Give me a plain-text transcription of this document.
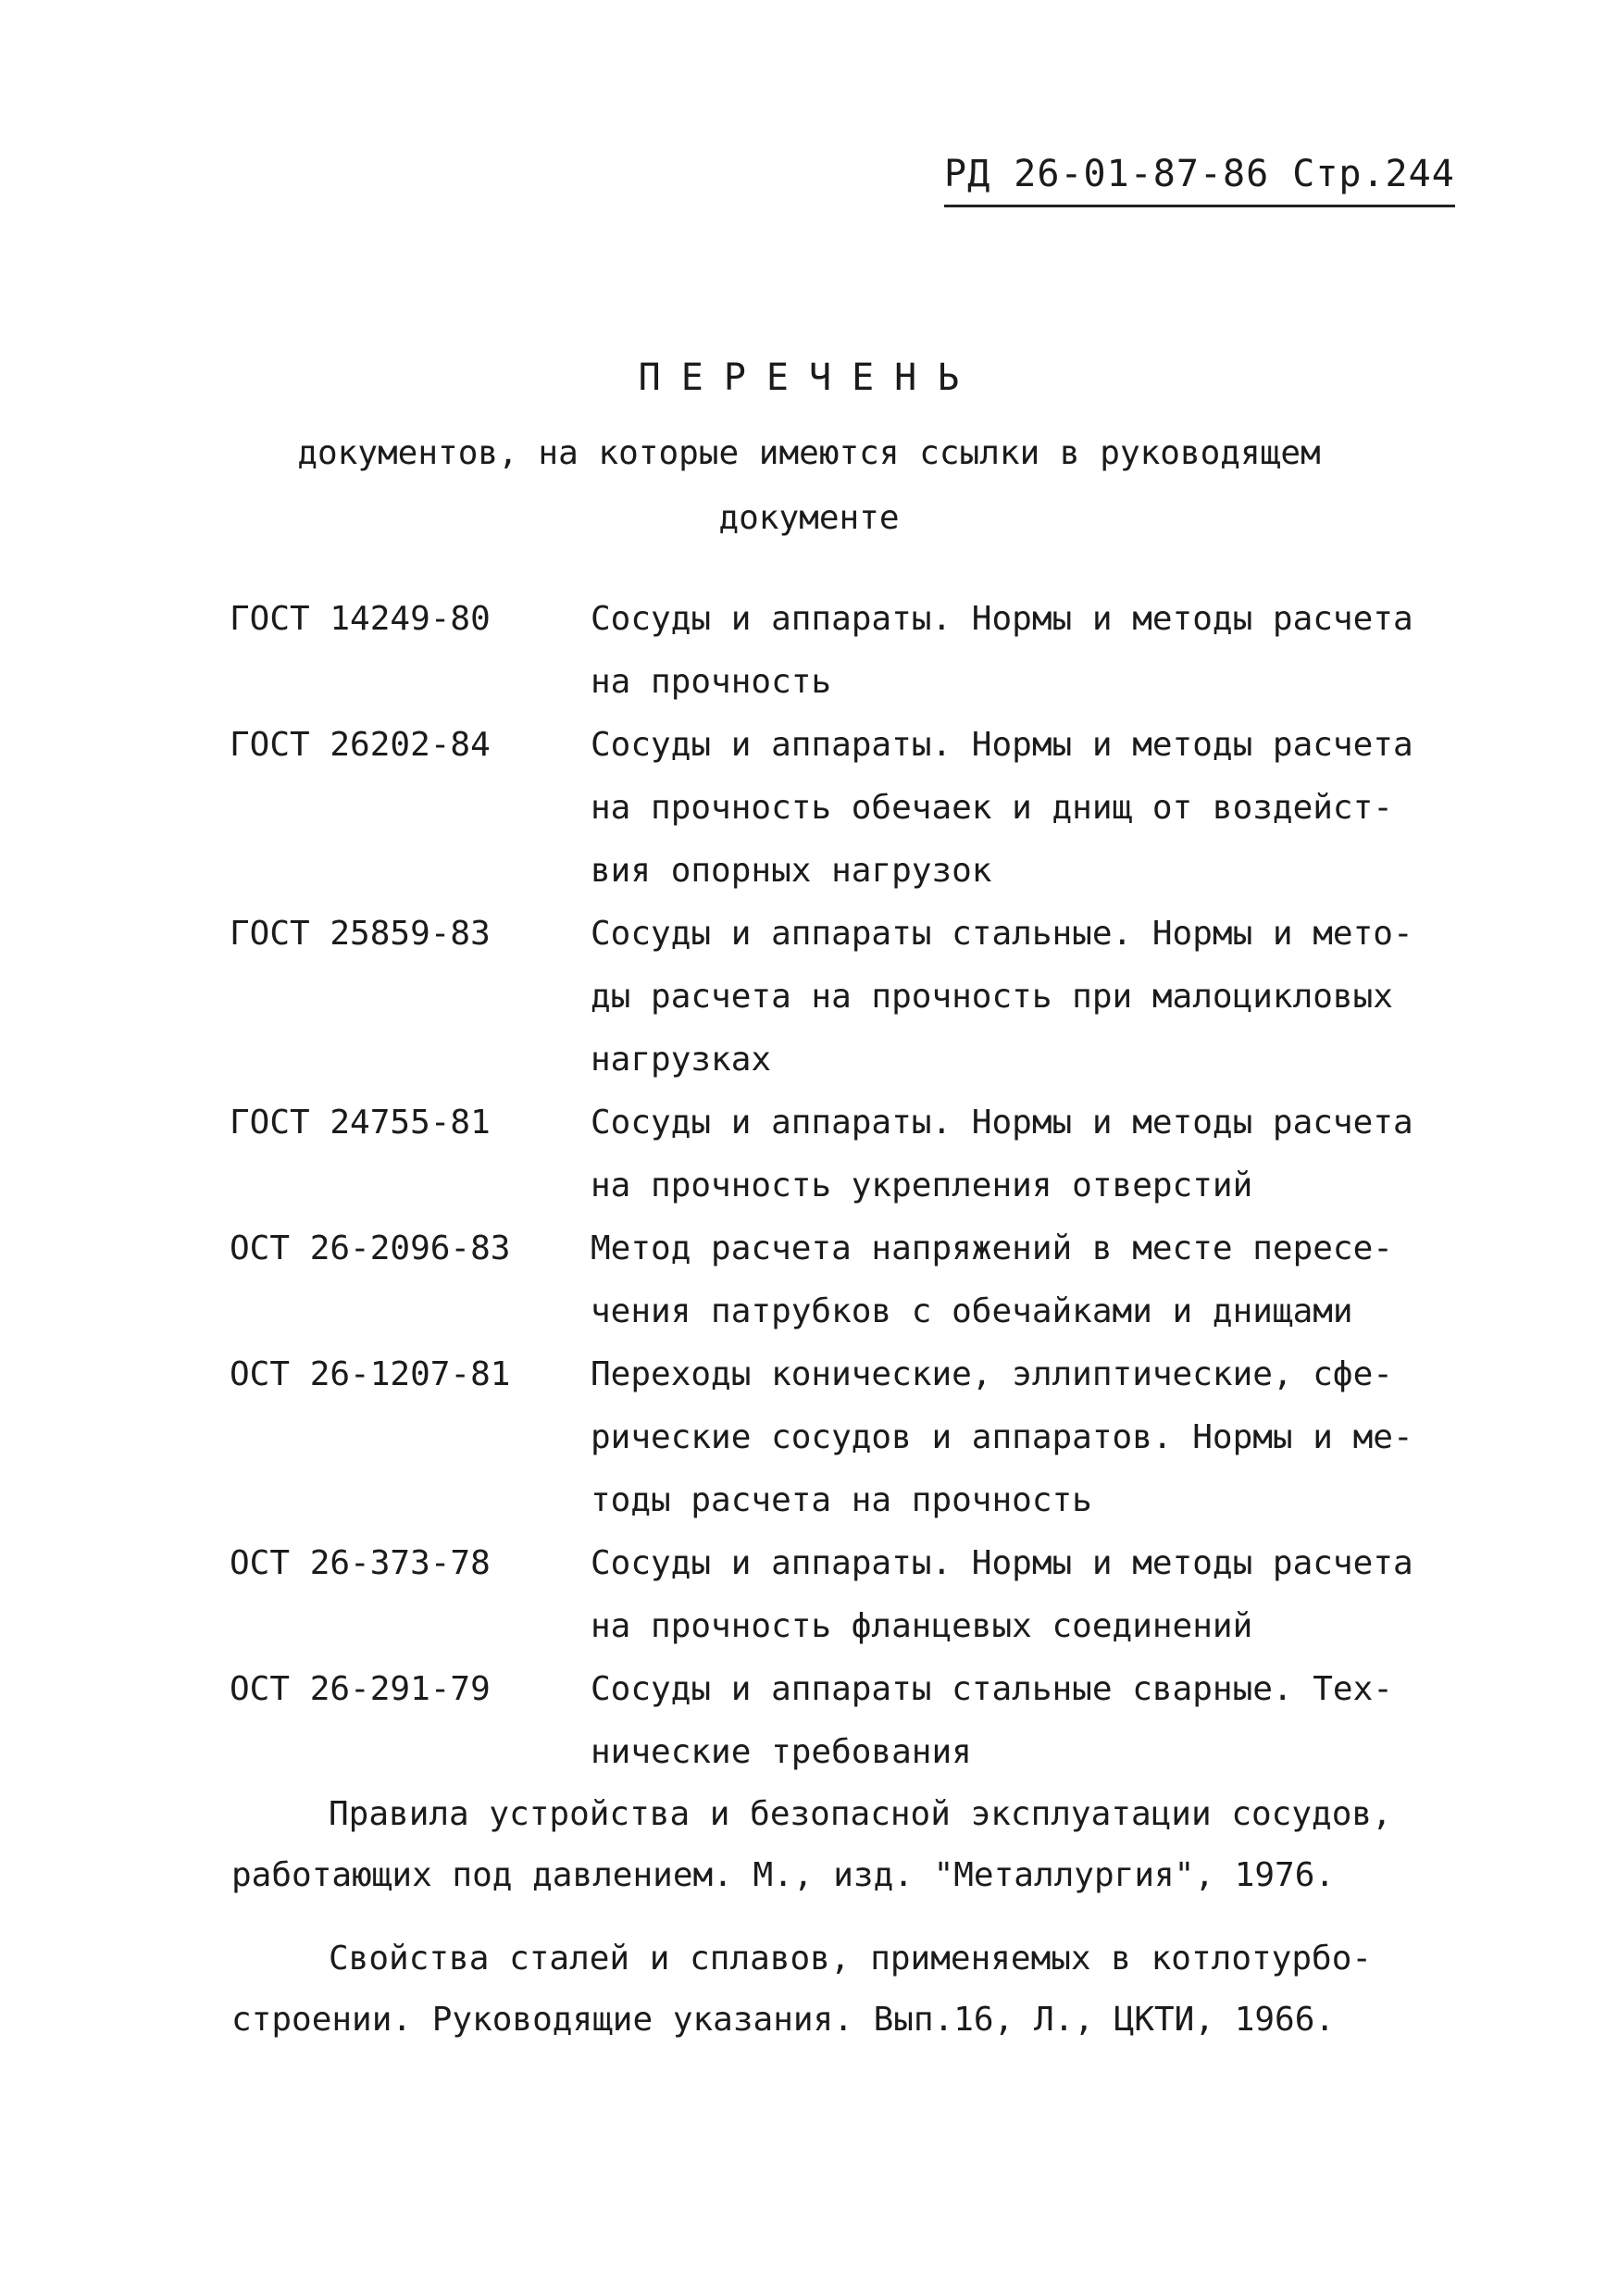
РД 26-01-87-86 Стр.244
ПЕРЕЧЕНЬ
документов, на которые имеются ссылки в руководящем
документе
ГОСТ 14249-80	Сосуды и аппараты. Нормы и методы расчета
на прочность
ГОСТ 26202-84	Сосуды и аппараты. Нормы и методы расчета
на прочность обечаек и днищ от воздейст-
вия опорных нагрузок
ГОСТ 25859-83	Сосуды и аппараты стальные. Нормы и мето-
ды расчета на прочность при малоцикловых
нагрузках
ГОСТ 24755-81	Сосуды и аппараты. Нормы и методы расчета
на прочность укрепления отверстий
ОСТ 26-2096-83	Метод расчета напряжений в месте пересе-
чения патрубков с обечайками и днищами
ОСТ 26-1207-81	Переходы конические, эллиптические, сфе-
рические сосудов и аппаратов. Нормы и ме-
тоды расчета на прочность
ОСТ 26-373-78	Сосуды и аппараты. Нормы и методы расчета
на прочность фланцевых соединений
ОСТ 26-291-79	Сосуды и аппараты стальные сварные. Тех-
нические требования
Правила устройства и безопасной эксплуатации сосудов,
работающих под давлением. М., изд. "Металлургия", 1976.
Свойства сталей и сплавов, применяемых в котлотурбо-
строении. Руководящие указания. Вып.16, Л., ЦКТИ, 1966.
